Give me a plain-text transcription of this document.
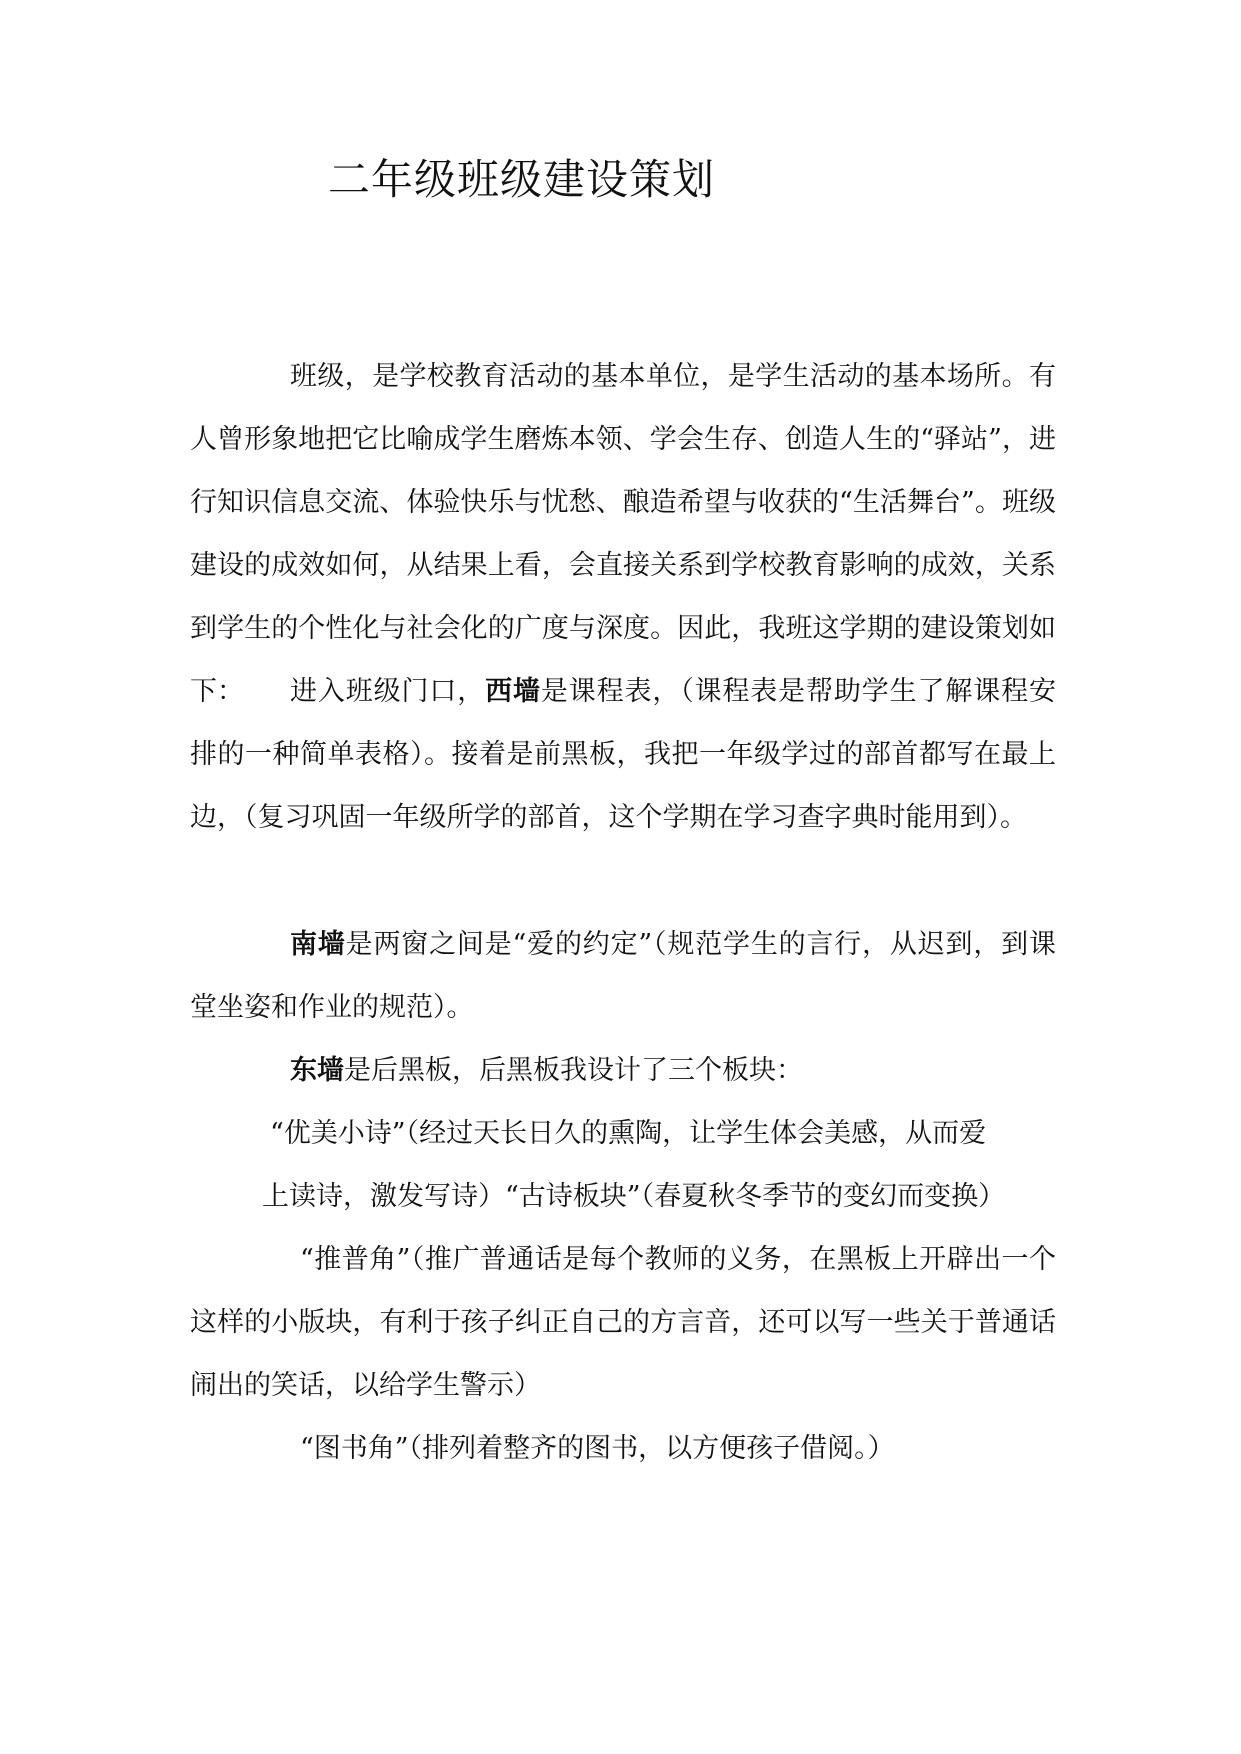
二年级班级建设策划

班级，是学校教育活动的基本单位，是学生活动的基本场所。有人曾形象地把它比喻成学生磨炼本领、学会生存、创造人生的“驿站”，进行知识信息交流、体验快乐与忧愁、酿造希望与收获的“生活舞台”。班级建设的成效如何，从结果上看，会直接关系到学校教育影响的成效，关系到学生的个性化与社会化的广度与深度。因此，我班这学期的建设策划如下：	进入班级门口，西墙是课程表，（课程表是帮助学生了解课程安排的一种简单表格）。接着是前黑板，我把一年级学过的部首都写在最上边，（复习巩固一年级所学的部首，这个学期在学习查字典时能用到）。

南墙是两窗之间是“爱的约定”（规范学生的言行，从迟到，到课堂坐姿和作业的规范）。

东墙是后黑板，后黑板我设计了三个板块：

“优美小诗”（经过天长日久的熏陶，让学生体会美感，从而爱

上读诗，激发写诗）“古诗板块”（春夏秋冬季节的变幻而变换）

“推普角”（推广普通话是每个教师的义务，在黑板上开辟出一个这样的小版块，有利于孩子纠正自己的方言音，还可以写一些关于普通话闹出的笑话，以给学生警示）

“图书角”（排列着整齐的图书，以方便孩子借阅。）
